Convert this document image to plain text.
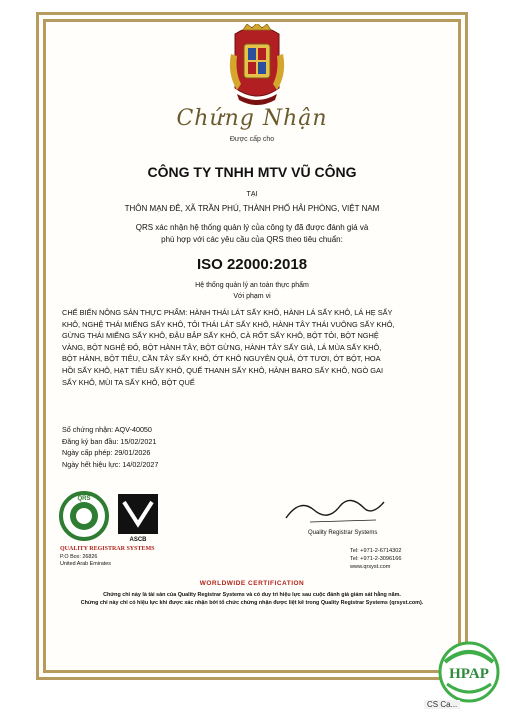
Chứng Nhận
Được cấp cho
CÔNG TY TNHH MTV VŨ CÔNG
TẠI
THÔN MẠN ĐÊ, XÃ TRẦN PHÚ, THÀNH PHỐ HẢI PHÒNG, VIỆT NAM
QRS xác nhận hệ thống quản lý của công ty đã được đánh giá và
phù hợp với các yêu cầu của QRS theo tiêu chuẩn:
ISO 22000:2018
Hệ thống quản lý an toàn thực phẩm
Với phạm vi
CHẾ BIẾN NÔNG SẢN THỰC PHẨM: HÀNH THÁI LÁT SẤY KHÔ, HÀNH LÁ SẤY KHÔ, LÁ HẸ SẤY
KHÔ, NGHỆ THÁI MIẾNG SẤY KHÔ, TỎI THÁI LÁT SẤY KHÔ, HÀNH TÂY THÁI VUÔNG SẤY KHÔ,
GỪNG THÁI MIẾNG SẤY KHÔ, ĐẬU BẮP SẤY KHÔ, CÀ RỐT SẤY KHÔ, BỘT TỎI, BỘT NGHỆ
VÀNG, BỘT NGHỆ ĐỎ, BỘT HÀNH TÂY, BỘT GỪNG, HÀNH TÂY SẤY GIÀ, LÁ MÙA SẤY KHÔ,
BỘT HÀNH, BỘT TIÊU, CẦN TÂY SẤY KHÔ, ỚT KHÔ NGUYÊN QUẢ, ỚT TƯƠI, ỚT BỘT, HOA
HỒI SẤY KHÔ, HẠT TIÊU SẤY KHÔ, QUẾ THANH SẤY KHÔ, HÀNH BARO SẤY KHÔ, NGÒ GAI
SẤY KHÔ, MÙI TA SẤY KHÔ, BỘT QUẾ
Số chứng nhận: AQV-40050
Đăng ký ban đầu: 15/02/2021
Ngày cấp phép: 29/01/2026
Ngày hết hiệu lực: 14/02/2027
QRS
ASCB
QUALITY REGISTRAR SYSTEMS
P.O Box: 26826
United Arab Emirates
Quality Registrar Systems
Tel: +971-2-6714302
Tel: +971-2-3096166
www.qrsyst.com
WORLDWIDE CERTIFICATION
Chứng chỉ này là tài sản của Quality Registrar Systems và có duy trì hiệu lực sau cuộc đánh giá giám sát hằng năm.
Chứng chỉ này chỉ có hiệu lực khi được xác nhận bởi tổ chức chứng nhận được liệt kê trong Quality Registrar Systems (qrsyst.com).
HPAP
CS Ca...
